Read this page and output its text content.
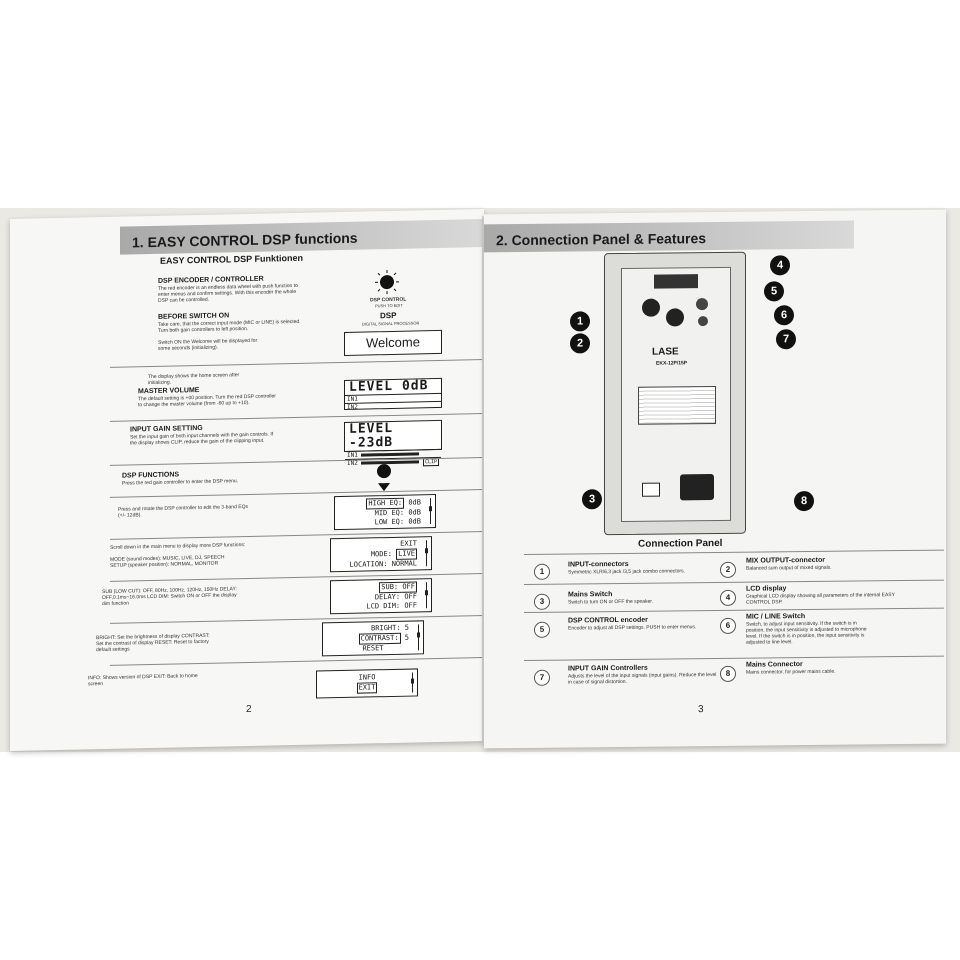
1. EASY CONTROL DSP functions
EASY CONTROL DSP Funktionen
DSP ENCODER / CONTROLLER
The red encoder is an endless data wheel with push function to enter menus and confirm settings. With this encoder the whole DSP can be controlled.	DSP CONTROL
PUSH TO EDIT
DSP
DIGITAL SIGNAL PROCESSOR
BEFORE SWITCH ON
Take care, that the correct input mode (MIC or LINE) is selected. Turn both gain controllers to left position.
Switch ON the Welcome will be displayed for some seconds (initializing).	Welcome
The display shows the home screen after initializing.
MASTER VOLUME
The default setting is +00 position. Turn the red DSP controller to change the master volume (from -60 up to +10).
LEVEL 0dB
IN1
IN2
INPUT GAIN SETTING
Set the input gain of both input channels with the gain controls. If the display shows CLIP, reduce the gain of the clipping input.
LEVEL -23dB
IN1
IN2	CLIP
DSP FUNCTIONS
Press the red gain controller to enter the DSP menu.
Press and rotate the DSP controller to edit the 3-band EQs (+/- 12dB).
HIGH EQ: 0dB
MID EQ: 0dB
LOW EQ: 0dB
Scroll down in the main menu to display more DSP functions:
MODE (sound modes): MUSIC, LIVE, DJ, SPEECH
SETUP (speaker position): NORMAL, MONITOR
EXIT
MODE: LIVE
LOCATION: NORMAL
SUB (LOW CUT): OFF, 80Hz, 100Hz, 120Hz, 150Hz DELAY: OFF,0.1ms~16.0ms LCD DIM: Switch ON or OFF the display dim function
SUB: OFF
DELAY: OFF
LCD DIM: OFF
BRIGHT: Set the brightness of display CONTRAST: Set the contrast of display RESET: Reset to factory default settings
BRIGHT: 5
CONTRAST: 5
RESET
INFO: Shows version of DSP EXIT: Back to home screen
INFO
EXIT
2
2. Connection Panel & Features
LASE
EKX-12P/15P
4
5
1
6
2	7
3	8
Connection Panel
1
INPUT-connectors
Symmetric XLR/6,3 jack /3,5 jack combo connectors.	2
MIX OUTPUT-connector
Balanced sum output of mixed signals.
3
Mains Switch
Switch to turn ON or OFF the speaker.
4
LCD display
Graphical LCD display showing all parameters of the internal EASY CONTROL DSP.
5
DSP CONTROL encoder
Encoder to adjust all DSP settings. PUSH to enter menus.	6
MIC / LINE Switch
Switch, to adjust input sensitivity. If the switch is in position, the input sensitivity is adjusted to microphone level. If the switch is in position, the input sensitivity is adjusted to line level.
7
INPUT GAIN Controllers
Adjusts the level of the input signals (input gains). Reduce the level in case of signal distortion.
8
Mains Connector
Mains connector, for power mains cable.
3
